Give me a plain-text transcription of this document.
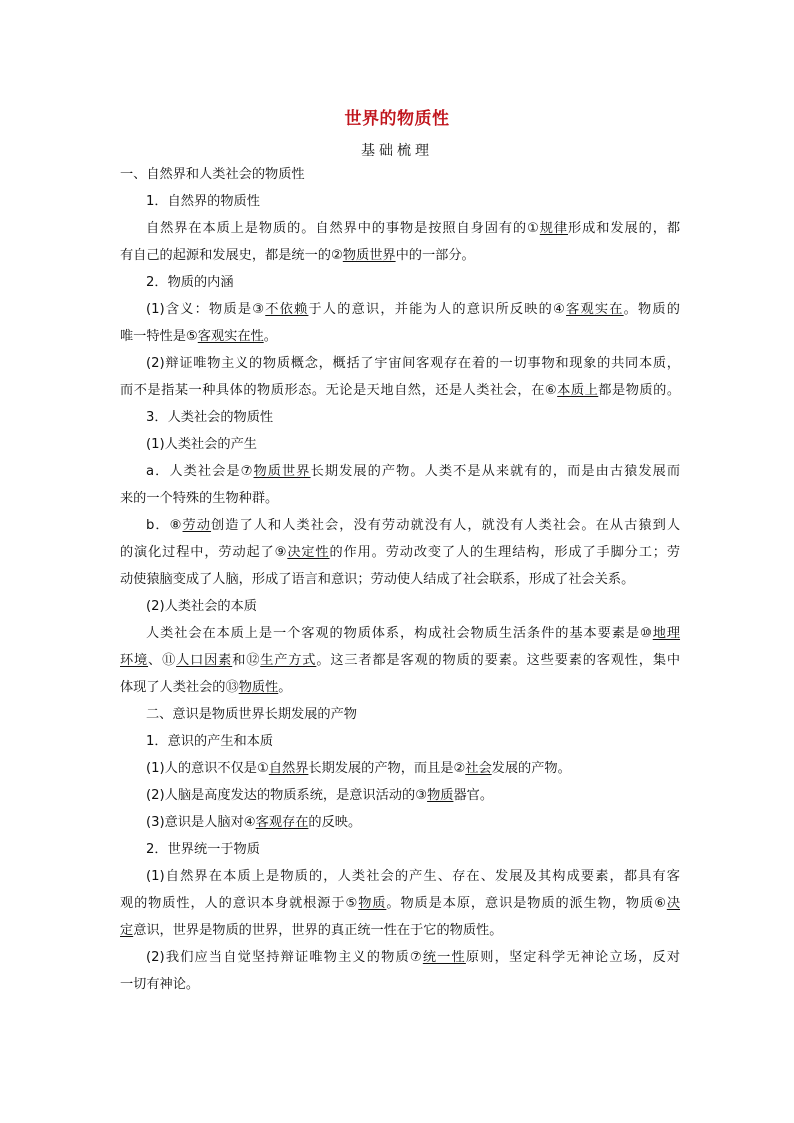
世界的物质性
基础梳理
一、自然界和人类社会的物质性
1．自然界的物质性
自然界在本质上是物质的。自然界中的事物是按照自身固有的①规律形成和发展的，都
有自己的起源和发展史，都是统一的②物质世界中的一部分。
2．物质的内涵
(1)含义：物质是③不依赖于人的意识，并能为人的意识所反映的④客观实在。物质的
唯一特性是⑤客观实在性。
(2)辩证唯物主义的物质概念，概括了宇宙间客观存在着的一切事物和现象的共同本质，
而不是指某一种具体的物质形态。无论是天地自然，还是人类社会，在⑥本质上都是物质的。
3．人类社会的物质性
(1)人类社会的产生
a．人类社会是⑦物质世界长期发展的产物。人类不是从来就有的，而是由古猿发展而
来的一个特殊的生物种群。
b．⑧劳动创造了人和人类社会，没有劳动就没有人，就没有人类社会。在从古猿到人
的演化过程中，劳动起了⑨决定性的作用。劳动改变了人的生理结构，形成了手脚分工；劳
动使猿脑变成了人脑，形成了语言和意识；劳动使人结成了社会联系，形成了社会关系。
(2)人类社会的本质
人类社会在本质上是一个客观的物质体系，构成社会物质生活条件的基本要素是⑩地理
环境、⑪人口因素和⑫生产方式。这三者都是客观的物质的要素。这些要素的客观性，集中
体现了人类社会的⑬物质性。
二、意识是物质世界长期发展的产物
1．意识的产生和本质
(1)人的意识不仅是①自然界长期发展的产物，而且是②社会发展的产物。
(2)人脑是高度发达的物质系统，是意识活动的③物质器官。
(3)意识是人脑对④客观存在的反映。
2．世界统一于物质
(1)自然界在本质上是物质的，人类社会的产生、存在、发展及其构成要素，都具有客
观的物质性，人的意识本身就根源于⑤物质。物质是本原，意识是物质的派生物，物质⑥决
定意识，世界是物质的世界，世界的真正统一性在于它的物质性。
(2)我们应当自觉坚持辩证唯物主义的物质⑦统一性原则，坚定科学无神论立场，反对
一切有神论。
